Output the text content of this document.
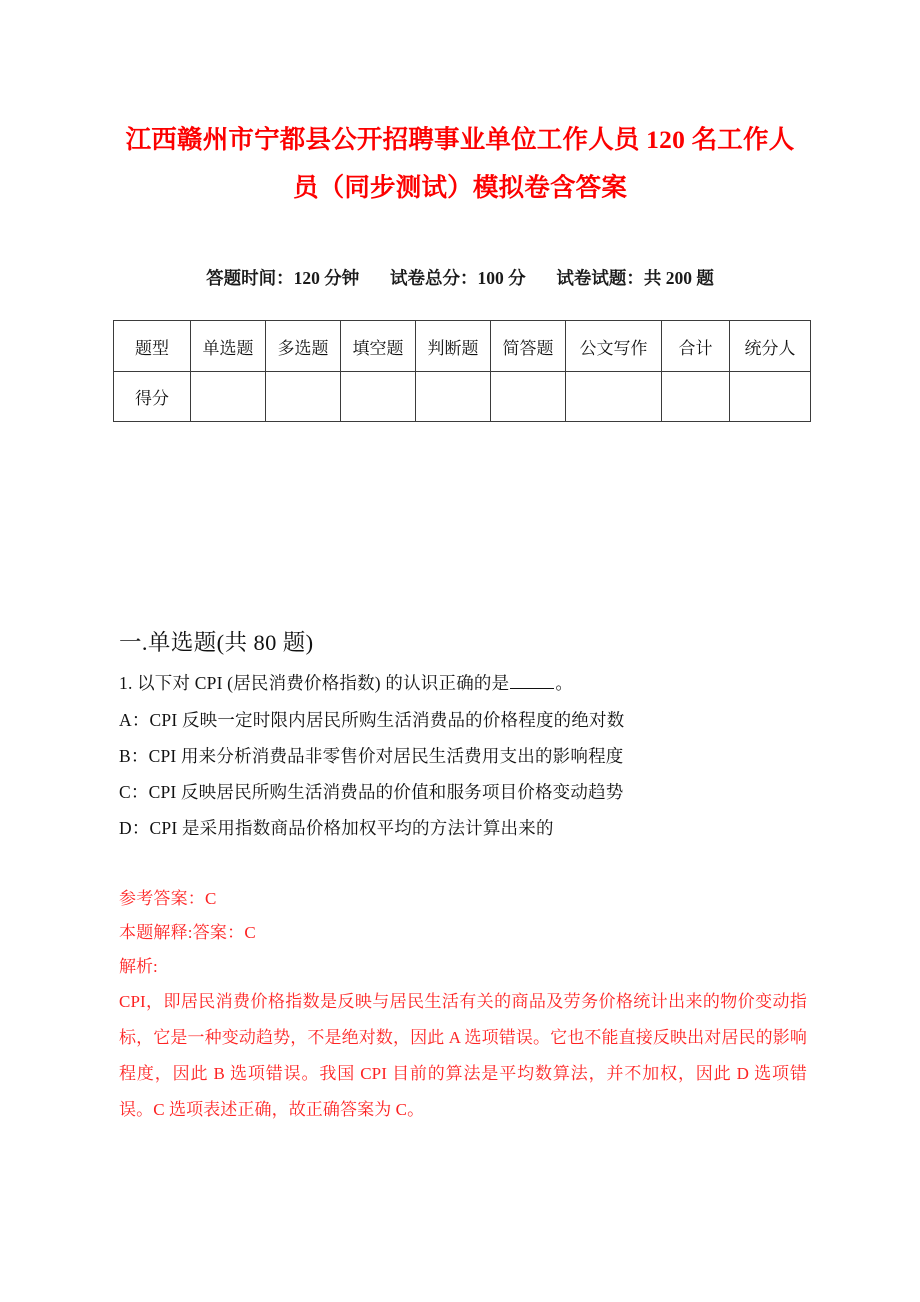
江西赣州市宁都县公开招聘事业单位工作人员 120 名工作人员（同步测试）模拟卷含答案
答题时间：120 分钟 试卷总分：100 分 试卷试题：共 200 题
题型	单选题	多选题	填空题	判断题	简答题	公文写作	合计	统分人
得分								
一.单选题(共 80 题)
1. 以下对 CPI (居民消费价格指数) 的认识正确的是	。
A：CPI 反映一定时限内居民所购生活消费品的价格程度的绝对数
B：CPI 用来分析消费品非零售价对居民生活费用支出的影响程度
C：CPI 反映居民所购生活消费品的价值和服务项目价格变动趋势
D：CPI 是采用指数商品价格加权平均的方法计算出来的
参考答案：C
本题解释:答案：C
解析:
CPI，即居民消费价格指数是反映与居民生活有关的商品及劳务价格统计出来的物价变动指标，它是一种变动趋势，不是绝对数，因此 A 选项错误。它也不能直接反映出对居民的影响程度，因此 B 选项错误。我国 CPI 目前的算法是平均数算法，并不加权，因此 D 选项错误。C 选项表述正确，故正确答案为 C。
